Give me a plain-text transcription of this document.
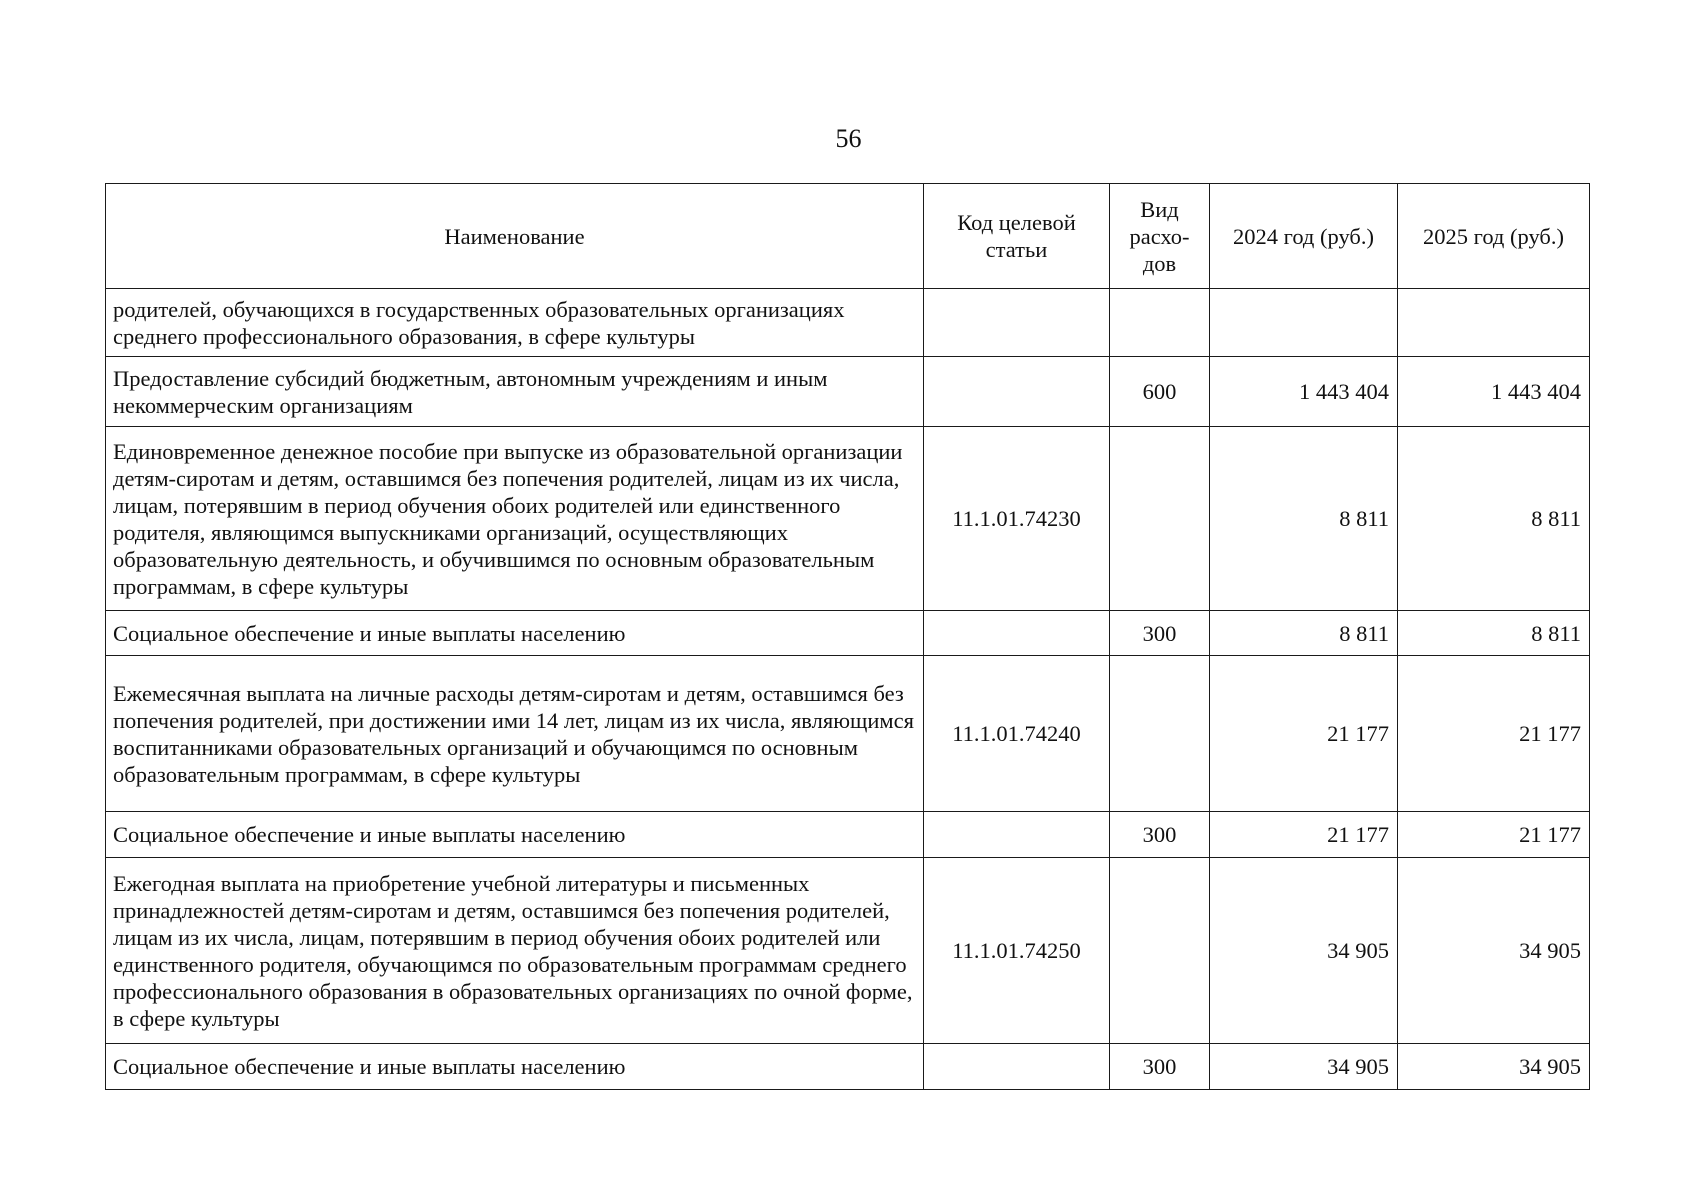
56
Наименование	Код целевой статьи	Вид расхо-дов	2024 год (руб.)	2025 год (руб.)
родителей, обучающихся в государственных образовательных организациях среднего профессионального образования, в сфере культуры				
Предоставление субсидий бюджетным, автономным учреждениям и иным некоммерческим организациям		600	1 443 404	1 443 404
Единовременное денежное пособие при выпуске из образовательной организации детям-сиротам и детям, оставшимся без попечения родителей, лицам из их числа, лицам, потерявшим в период обучения обоих родителей или единственного родителя, являющимся выпускниками организаций, осуществляющих образовательную деятельность, и обучившимся по основным образовательным программам, в сфере культуры	11.1.01.74230		8 811	8 811
Социальное обеспечение и иные выплаты населению		300	8 811	8 811
Ежемесячная выплата на личные расходы детям-сиротам и детям, оставшимся без попечения родителей, при достижении ими 14 лет, лицам из их числа, являющимся воспитанниками образовательных организаций и обучающимся по основным образовательным программам, в сфере культуры	11.1.01.74240		21 177	21 177
Социальное обеспечение и иные выплаты населению		300	21 177	21 177
Ежегодная выплата на приобретение учебной литературы и письменных принадлежностей детям-сиротам и детям, оставшимся без попечения родителей, лицам из их числа, лицам, потерявшим в период обучения обоих родителей или единственного родителя, обучающимся по образовательным программам среднего профессионального образования в образовательных организациях по очной форме, в сфере культуры	11.1.01.74250		34 905	34 905
Социальное обеспечение и иные выплаты населению		300	34 905	34 905
